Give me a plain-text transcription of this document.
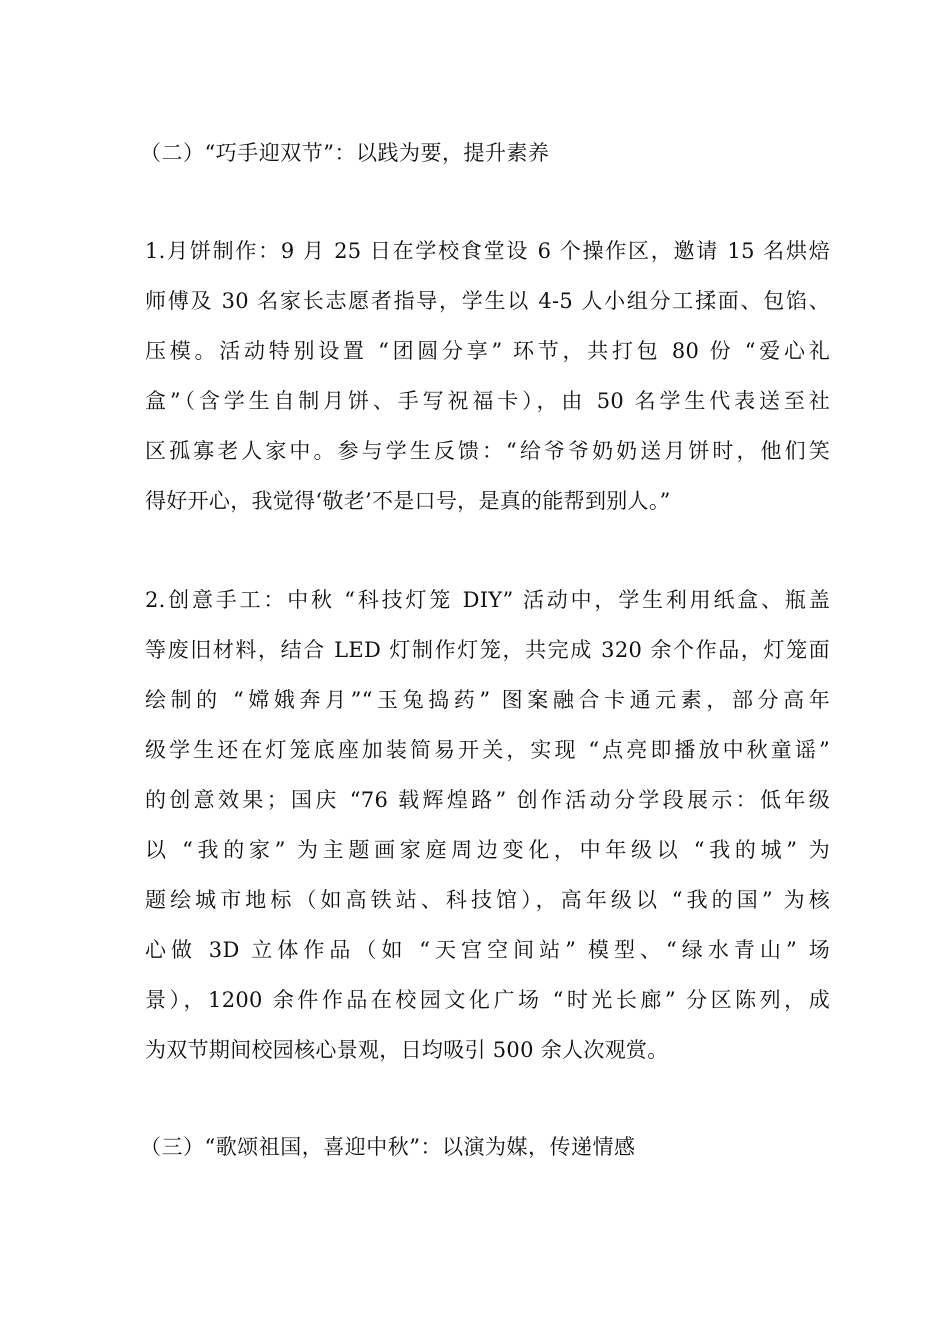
（二）“巧手迎双节”：以践为要，提升素养
1.月饼制作：9 月 25 日在学校食堂设 6 个操作区，邀请 15 名烘焙
师傅及 30 名家长志愿者指导，学生以 4-5 人小组分工揉面、包馅、
压模。活动特别设置 “团圆分享” 环节，共打包 80 份 “爱心礼
盒”（含学生自制月饼、手写祝福卡），由 50 名学生代表送至社
区孤寡老人家中。参与学生反馈：“给爷爷奶奶送月饼时，他们笑
得好开心，我觉得‘敬老’不是口号，是真的能帮到别人。”
2.创意手工：中秋 “科技灯笼 DIY” 活动中，学生利用纸盒、瓶盖
等废旧材料，结合 LED 灯制作灯笼，共完成 320 余个作品，灯笼面
绘制的 “嫦娥奔月”“玉兔捣药” 图案融合卡通元素，部分高年
级学生还在灯笼底座加装简易开关，实现 “点亮即播放中秋童谣”
的创意效果；国庆 “76 载辉煌路” 创作活动分学段展示：低年级
以 “我的家” 为主题画家庭周边变化，中年级以 “我的城” 为
题绘城市地标（如高铁站、科技馆），高年级以 “我的国” 为核
心做 3D 立体作品（如 “天宫空间站” 模型、“绿水青山” 场
景），1200 余件作品在校园文化广场 “时光长廊” 分区陈列，成
为双节期间校园核心景观，日均吸引 500 余人次观赏。
（三）“歌颂祖国，喜迎中秋”：以演为媒，传递情感
